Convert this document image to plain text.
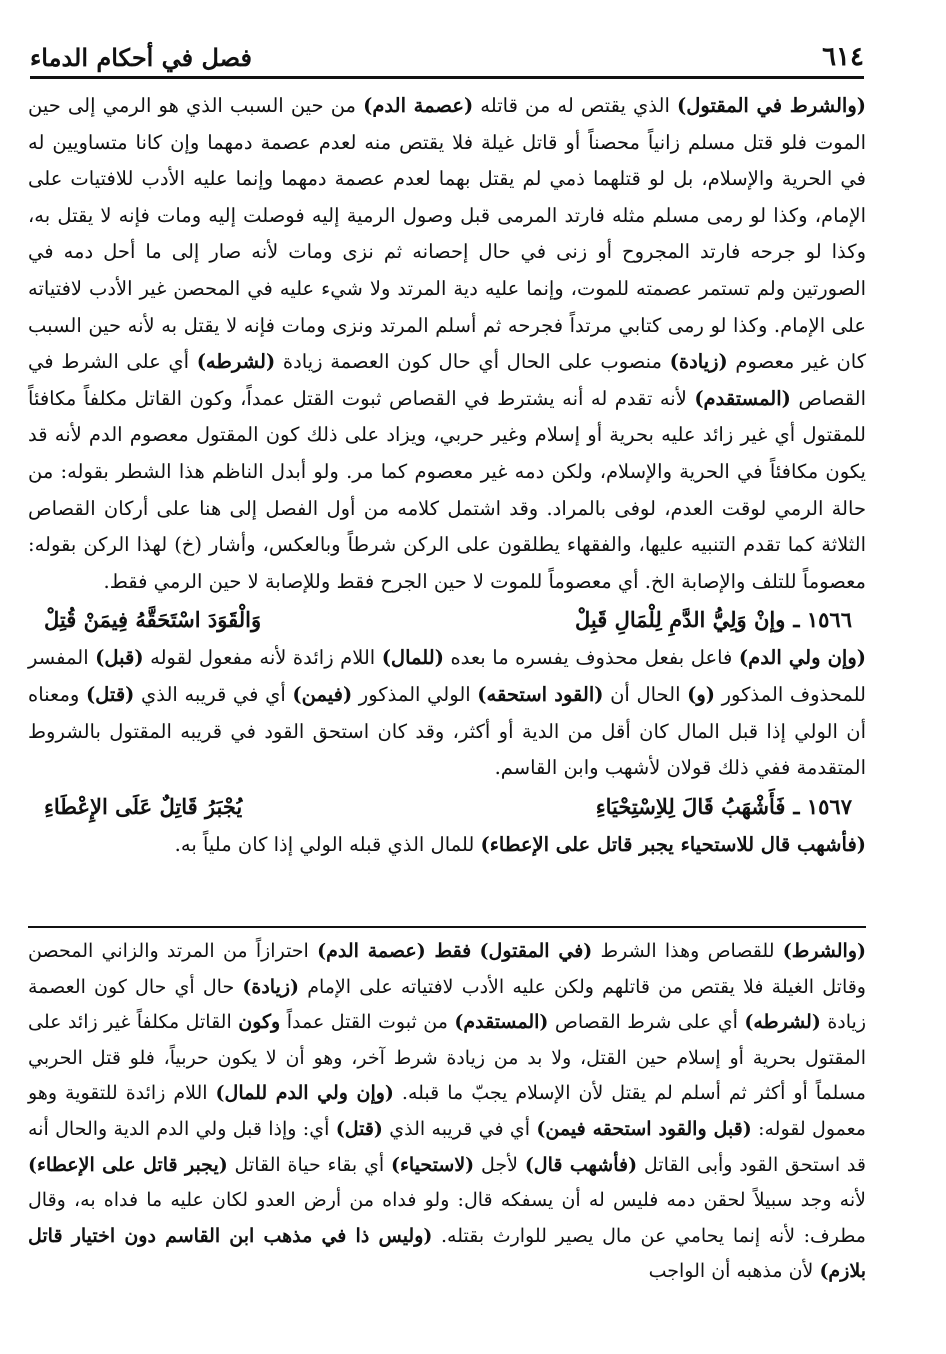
٦١٤
فصل في أحكام الدماء

(والشرط في المقتول) الذي يقتص له من قاتله (عصمة الدم) من حين السبب الذي هو الرمي إلى حين الموت فلو قتل مسلم زانياً محصناً أو قاتل غيلة فلا يقتص منه لعدم عصمة دمهما وإن كانا متساويين له في الحرية والإسلام، بل لو قتلهما ذمي لم يقتل بهما لعدم عصمة دمهما وإنما عليه الأدب للافتيات على الإمام، وكذا لو رمى مسلم مثله فارتد المرمى قبل وصول الرمية إليه فوصلت إليه ومات فإنه لا يقتل به، وكذا لو جرحه فارتد المجروح أو زنى في حال إحصانه ثم نزى ومات لأنه صار إلى ما أحل دمه في الصورتين ولم تستمر عصمته للموت، وإنما عليه دية المرتد ولا شيء عليه في المحصن غير الأدب لافتياته على الإمام. وكذا لو رمى كتابي مرتداً فجرحه ثم أسلم المرتد ونزى ومات فإنه لا يقتل به لأنه حين السبب كان غير معصوم (زيادة) منصوب على الحال أي حال كون العصمة زيادة (لشرطه) أي على الشرط في القصاص (المستقدم) لأنه تقدم له أنه يشترط في القصاص ثبوت القتل عمداً، وكون القاتل مكلفاً مكافئاً للمقتول أي غير زائد عليه بحرية أو إسلام وغير حربي، ويزاد على ذلك كون المقتول معصوم الدم لأنه قد يكون مكافئاً في الحرية والإسلام، ولكن دمه غير معصوم كما مر. ولو أبدل الناظم هذا الشطر بقوله: من حالة الرمي لوقت العدم، لوفى بالمراد. وقد اشتمل كلامه من أول الفصل إلى هنا على أركان القصاص الثلاثة كما تقدم التنبيه عليها، والفقهاء يطلقون على الركن شرطاً وبالعكس، وأشار (خ) لهذا الركن بقوله: معصوماً للتلف والإصابة الخ. أي معصوماً للموت لا حين الجرح فقط وللإصابة لا حين الرمي فقط.

١٥٦٦ ـ
وإنْ وَلِيُّ الدَّمِ لِلْمَالِ قَبِلْ
وَالْقَوَدَ اسْتَحَقَّهُ فِيمَنْ قُتِلْ

(وإن ولي الدم) فاعل بفعل محذوف يفسره ما بعده (للمال) اللام زائدة لأنه مفعول لقوله (قبل) المفسر للمحذوف المذكور (و) الحال أن (القود استحقه) الولي المذكور (فيمن) أي في قريبه الذي (قتل) ومعناه أن الولي إذا قبل المال كان أقل من الدية أو أكثر، وقد كان استحق القود في قريبه المقتول بالشروط المتقدمة ففي ذلك قولان لأشهب وابن القاسم.

١٥٦٧ ـ
فَأَشْهَبُ قَالَ لِلاِسْتِحْيَاءِ
يُجْبَرُ قَاتِلٌ عَلَى الإِعْطَاءِ

(فأشهب قال للاستحياء يجبر قاتل على الإعطاء) للمال الذي قبله الولي إذا كان ملياً به.

(والشرط) للقصاص وهذا الشرط (في المقتول) فقط (عصمة الدم) احترازاً من المرتد والزاني المحصن وقاتل الغيلة فلا يقتص من قاتلهم ولكن عليه الأدب لافتياته على الإمام (زيادة) حال أي حال كون العصمة زيادة (لشرطه) أي على شرط القصاص (المستقدم) من ثبوت القتل عمداً وكون القاتل مكلفاً غير زائد على المقتول بحرية أو إسلام حين القتل، ولا بد من زيادة شرط آخر، وهو أن لا يكون حربياً، فلو قتل الحربي مسلماً أو أكثر ثم أسلم لم يقتل لأن الإسلام يجبّ ما قبله. (وإن ولي الدم للمال) اللام زائدة للتقوية وهو معمول لقوله: (قبل والقود استحقه فيمن) أي في قريبه الذي (قتل) أي: وإذا قبل ولي الدم الدية والحال أنه قد استحق القود وأبى القاتل (فأشهب قال) لأجل (لاستحياء) أي بقاء حياة القاتل (يجبر قاتل على الإعطاء) لأنه وجد سبيلاً لحقن دمه فليس له أن يسفكه قال: ولو فداه من أرض العدو لكان عليه ما فداه به، وقال مطرف: لأنه إنما يحامي عن مال يصير للوارث بقتله. (وليس ذا في مذهب ابن القاسم دون اختيار قاتل بلازم) لأن مذهبه أن الواجب
